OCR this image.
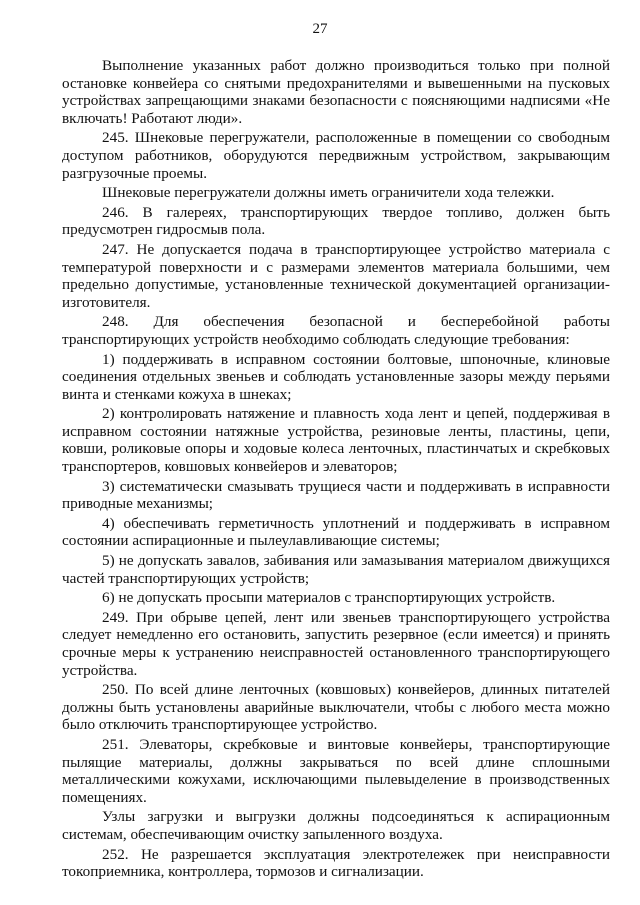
27

Выполнение указанных работ должно производиться только при полной остановке конвейера со снятыми предохранителями и вывешенными на пусковых устройствах запрещающими знаками безопасности с поясняющими надписями «Не включать! Работают люди».

245. Шнековые перегружатели, расположенные в помещении со свободным доступом работников, оборудуются передвижным устройством, закрывающим разгрузочные проемы.

Шнековые перегружатели должны иметь ограничители хода тележки.

246. В галереях, транспортирующих твердое топливо, должен быть предусмотрен гидросмыв пола.

247. Не допускается подача в транспортирующее устройство материала с температурой поверхности и с размерами элементов материала большими, чем предельно допустимые, установленные технической документацией организации-изготовителя.

248. Для обеспечения безопасной и бесперебойной работы транспортирующих устройств необходимо соблюдать следующие требования:

1) поддерживать в исправном состоянии болтовые, шпоночные, клиновые соединения отдельных звеньев и соблюдать установленные зазоры между перьями винта и стенками кожуха в шнеках;

2) контролировать натяжение и плавность хода лент и цепей, поддерживая в исправном состоянии натяжные устройства, резиновые ленты, пластины, цепи, ковши, роликовые опоры и ходовые колеса ленточных, пластинчатых и скребковых транспортеров, ковшовых конвейеров и элеваторов;

3) систематически смазывать трущиеся части и поддерживать в исправности приводные механизмы;

4) обеспечивать герметичность уплотнений и поддерживать в исправном состоянии аспирационные и пылеулавливающие системы;

5) не допускать завалов, забивания или замазывания материалом движущихся частей транспортирующих устройств;

6) не допускать просыпи материалов с транспортирующих устройств.

249. При обрыве цепей, лент или звеньев транспортирующего устройства следует немедленно его остановить, запустить резервное (если имеется) и принять срочные меры к устранению неисправностей остановленного транспортирующего устройства.

250. По всей длине ленточных (ковшовых) конвейеров, длинных питателей должны быть установлены аварийные выключатели, чтобы с любого места можно было отключить транспортирующее устройство.

251. Элеваторы, скребковые и винтовые конвейеры, транспортирующие пылящие материалы, должны закрываться по всей длине сплошными металлическими кожухами, исключающими пылевыделение в производственных помещениях.

Узлы загрузки и выгрузки должны подсоединяться к аспирационным системам, обеспечивающим очистку запыленного воздуха.

252. Не разрешается эксплуатация электротележек при неисправности токоприемника, контроллера, тормозов и сигнализации.
